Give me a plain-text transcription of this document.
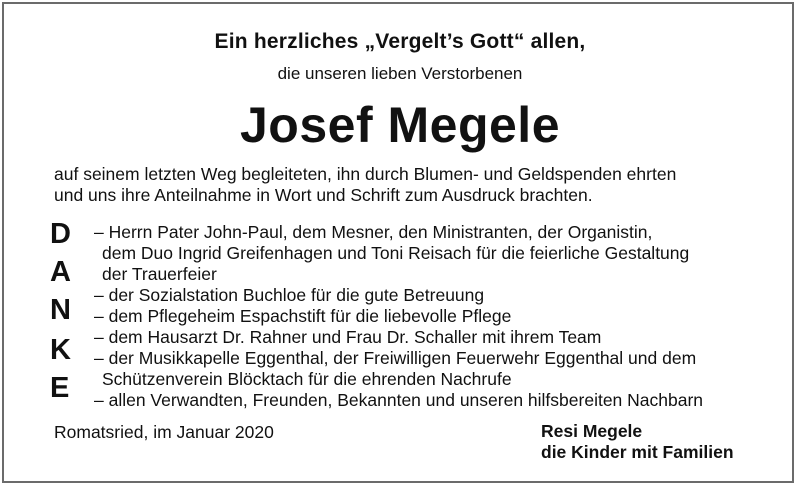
Ein herzliches „Vergelt’s Gott“ allen,
die unseren lieben Verstorbenen
Josef Megele
auf seinem letzten Weg begleiteten, ihn durch Blumen- und Geldspenden ehrten
und uns ihre Anteilnahme in Wort und Schrift zum Ausdruck brachten.
D
A
N
K
E
– Herrn Pater John-Paul, dem Mesner, den Ministranten, der Organistin,
dem Duo Ingrid Greifenhagen und Toni Reisach für die feierliche Gestaltung
der Trauerfeier
– der Sozialstation Buchloe für die gute Betreuung
– dem Pflegeheim Espachstift für die liebevolle Pflege
– dem Hausarzt Dr. Rahner und Frau Dr. Schaller mit ihrem Team
– der Musikkapelle Eggenthal, der Freiwilligen Feuerwehr Eggenthal und dem
Schützenverein Blöcktach für die ehrenden Nachrufe
– allen Verwandten, Freunden, Bekannten und unseren hilfsbereiten Nachbarn
Romatsried, im Januar 2020	Resi Megele
die Kinder mit Familien
